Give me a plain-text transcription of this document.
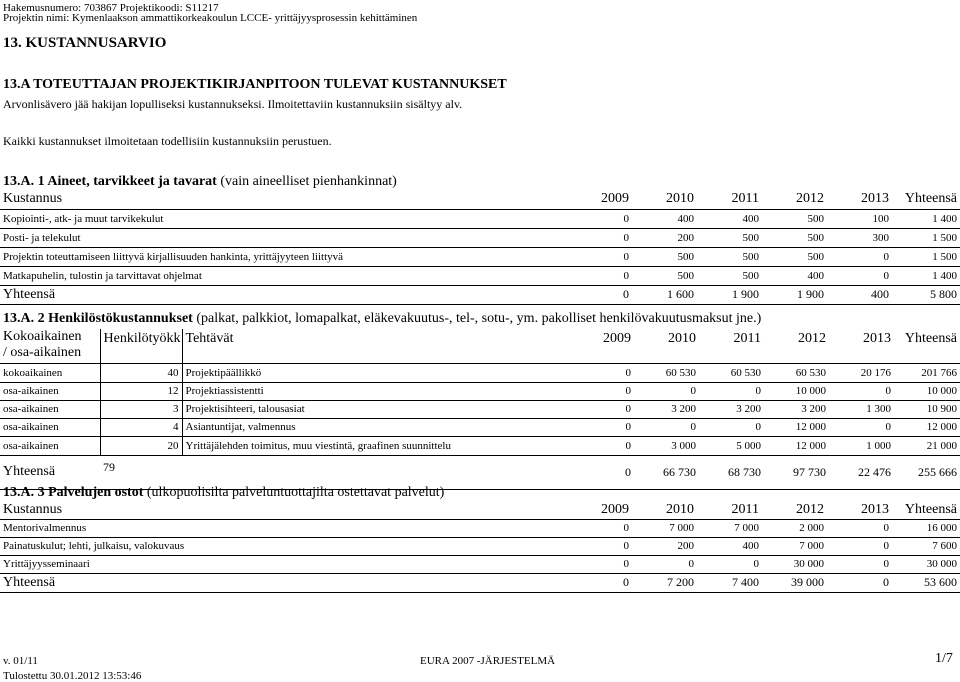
Hakemusnumero: 703867 Projektikoodi: S11217
Projektin nimi: Kymenlaakson ammattikorkeakoulun LCCE- yrittäjyysprosessin kehittäminen
13. KUSTANNUSARVIO
13.A TOTEUTTAJAN PROJEKTIKIRJANPITOON TULEVAT KUSTANNUKSET
Arvonlisävero jää hakijan lopulliseksi kustannukseksi. Ilmoitettaviin kustannuksiin sisältyy alv.
Kaikki kustannukset ilmoitetaan todellisiin kustannuksiin perustuen.
13.A. 1 Aineet, tarvikkeet ja tavarat (vain aineelliset pienhankinnat)
Kustannus	2009	2010	2011	2012	2013	Yhteensä
Kopiointi-, atk- ja muut tarvikekulut	0	400	400	500	100	1 400
Posti- ja telekulut	0	200	500	500	300	1 500
Projektin toteuttamiseen liittyvä kirjallisuuden hankinta, yrittäjyyteen liittyvä	0	500	500	500	0	1 500
Matkapuhelin, tulostin ja tarvittavat ohjelmat	0	500	500	400	0	1 400
Yhteensä	0	1 600	1 900	1 900	400	5 800
13.A. 2 Henkilöstökustannukset (palkat, palkkiot, lomapalkat, eläkevakuutus-, tel-, sotu-, ym. pakolliset henkilövakuutusmaksut jne.)
Kokoaikainen
/ osa-aikainen	Henkilötyökk	Tehtävät	2009	2010	2011	2012	2013	Yhteensä
kokoaikainen	40	Projektipäällikkö	0	60 530	60 530	60 530	20 176	201 766
osa-aikainen	12	Projektiassistentti	0	0	0	10 000	0	10 000
osa-aikainen	3	Projektisihteeri, talousasiat	0	3 200	3 200	3 200	1 300	10 900
osa-aikainen	4	Asiantuntijat, valmennus	0	0	0	12 000	0	12 000
osa-aikainen	20	Yrittäjälehden toimitus, muu viestintä, graafinen suunnittelu	0	3 000	5 000	12 000	1 000	21 000
Yhteensä	79		0	66 730	68 730	97 730	22 476	255 666
13.A. 3 Palvelujen ostot (ulkopuolisilta palveluntuottajilta ostettavat palvelut)
Kustannus	2009	2010	2011	2012	2013	Yhteensä
Mentorivalmennus	0	7 000	7 000	2 000	0	16 000
Painatuskulut; lehti, julkaisu, valokuvaus	0	200	400	7 000	0	7 600
Yrittäjyysseminaari	0	0	0	30 000	0	30 000
Yhteensä	0	7 200	7 400	39 000	0	53 600
v. 01/11	EURA 2007 -JÄRJESTELMÄ	1/7
Tulostettu 30.01.2012 13:53:46
